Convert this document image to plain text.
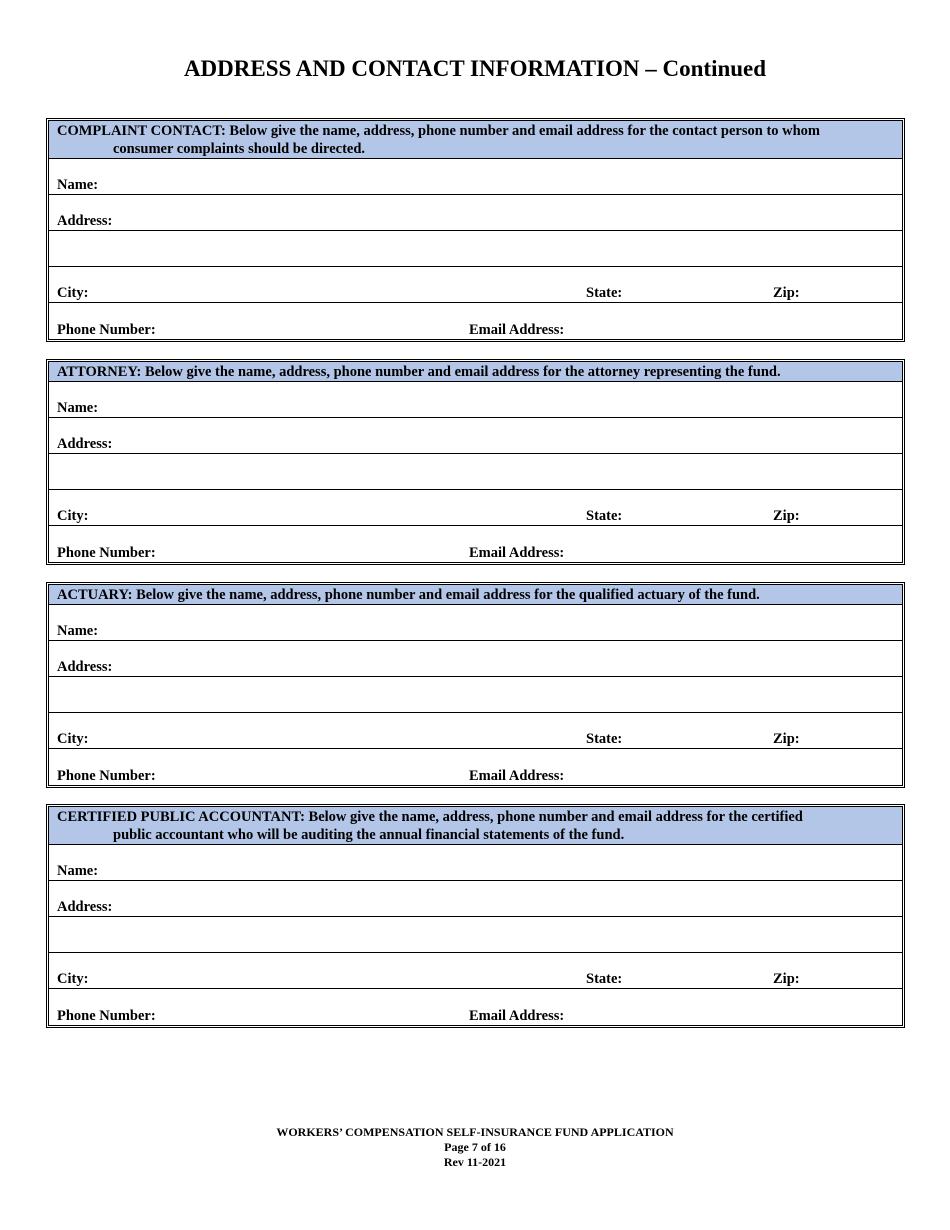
ADDRESS AND CONTACT INFORMATION – Continued
COMPLAINT CONTACT: Below give the name, address, phone number and email address for the contact person to whom
consumer complaints should be directed.
Name:
Address:
City:	State:	Zip:
Phone Number:	Email Address:
ATTORNEY: Below give the name, address, phone number and email address for the attorney representing the fund.
Name:
Address:
City:	State:	Zip:
Phone Number:	Email Address:
ACTUARY: Below give the name, address, phone number and email address for the qualified actuary of the fund.
Name:
Address:
City:	State:	Zip:
Phone Number:	Email Address:
CERTIFIED PUBLIC ACCOUNTANT: Below give the name, address, phone number and email address for the certified
public accountant who will be auditing the annual financial statements of the fund.
Name:
Address:
City:	State:	Zip:
Phone Number:	Email Address:
WORKERS’ COMPENSATION SELF-INSURANCE FUND APPLICATION
Page 7 of 16
Rev 11-2021
